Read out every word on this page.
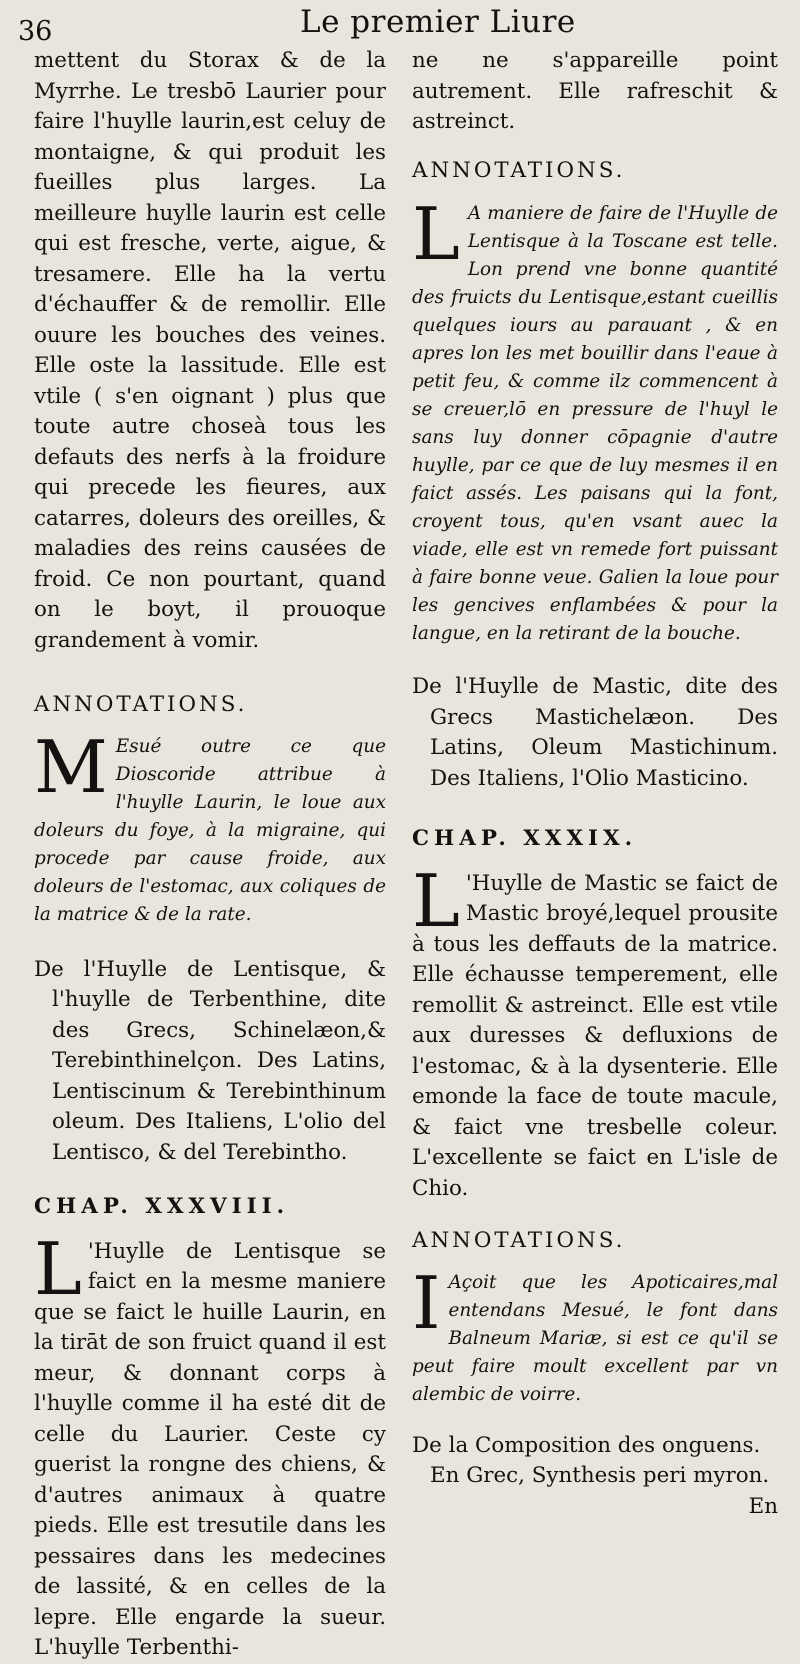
36	Le premier Liure

mettent du Storax & de la Myrrhe. Le tresbō Laurier pour faire l'huylle laurin,est celuy de montaigne, & qui produit les fueilles plus larges. La meilleure huylle laurin est celle qui est fresche, verte, aigue, & tresamere. Elle ha la vertu d'échauffer & de remollir. Elle ouure les bouches des veines. Elle oste la lassitude. Elle est vtile ( s'en oignant ) plus que toute autre choseà tous les defauts des nerfs à la froidure qui precede les fieures, aux catarres, doleurs des oreilles, & maladies des reins causées de froid. Ce non pourtant, quand on le boyt, il prouoque grandement à vomir.

ANNOTATIONS.

M Esué outre ce que Dioscoride attribue à l'huylle Laurin, le loue aux doleurs du foye, à la migraine, qui procede par cause froide, aux doleurs de l'estomac, aux coliques de la matrice & de la rate.

De l'Huylle de Lentisque, & l'huylle de Terbenthine, dite des Grecs, Schinelæon,& Terebinthinelçon. Des Latins, Lentiscinum & Terebinthinum oleum. Des Italiens, L'olio del Lentisco, & del Terebintho.

CHAP. XXXVIII.

L 'Huylle de Lentisque se faict en la mesme maniere que se faict le huille Laurin, en la tirāt de son fruict quand il est meur, & donnant corps à l'huylle comme il ha esté dit de celle du Laurier. Ceste cy guerist la rongne des chiens, & d'autres animaux à quatre pieds. Elle est tresutile dans les pessaires dans les medecines de lassité, & en celles de la lepre. Elle engarde la sueur. L'huylle Terbenthi-

ne ne s'appareille point autrement. Elle rafreschit & astreinct.

ANNOTATIONS.

L A maniere de faire de l'Huylle de Lentisque à la Toscane est telle. Lon prend vne bonne quantité des fruicts du Lentisque,estant cueillis quelques iours au parauant , & en apres lon les met bouillir dans l'eaue à petit feu, & comme ilz commencent à se creuer,lō en pressure de l'huyl le sans luy donner cōpagnie d'autre huylle, par ce que de luy mesmes il en faict assés. Les paisans qui la font, croyent tous, qu'en vsant auec la viade, elle est vn remede fort puissant à faire bonne veue. Galien la loue pour les gencives enflambées & pour la langue, en la retirant de la bouche.

De l'Huylle de Mastic, dite des Grecs Mastichelæon. Des Latins, Oleum Mastichinum. Des Italiens, l'Olio Masticino.

CHAP. XXXIX.

L 'Huylle de Mastic se faict de Mastic broyé,lequel prousite à tous les deffauts de la matrice. Elle échausse temperement, elle remollit & astreinct. Elle est vtile aux duresses & defluxions de l'estomac, & à la dysenterie. Elle emonde la face de toute macule, & faict vne tresbelle coleur. L'excellente se faict en L'isle de Chio.

ANNOTATIONS.

I Açoit que les Apoticaires,mal entendans Mesué, le font dans Balneum Mariæ, si est ce qu'il se peut faire moult excellent par vn alembic de voirre.

De la Composition des onguens. En Grec, Synthesis peri myron.

En
